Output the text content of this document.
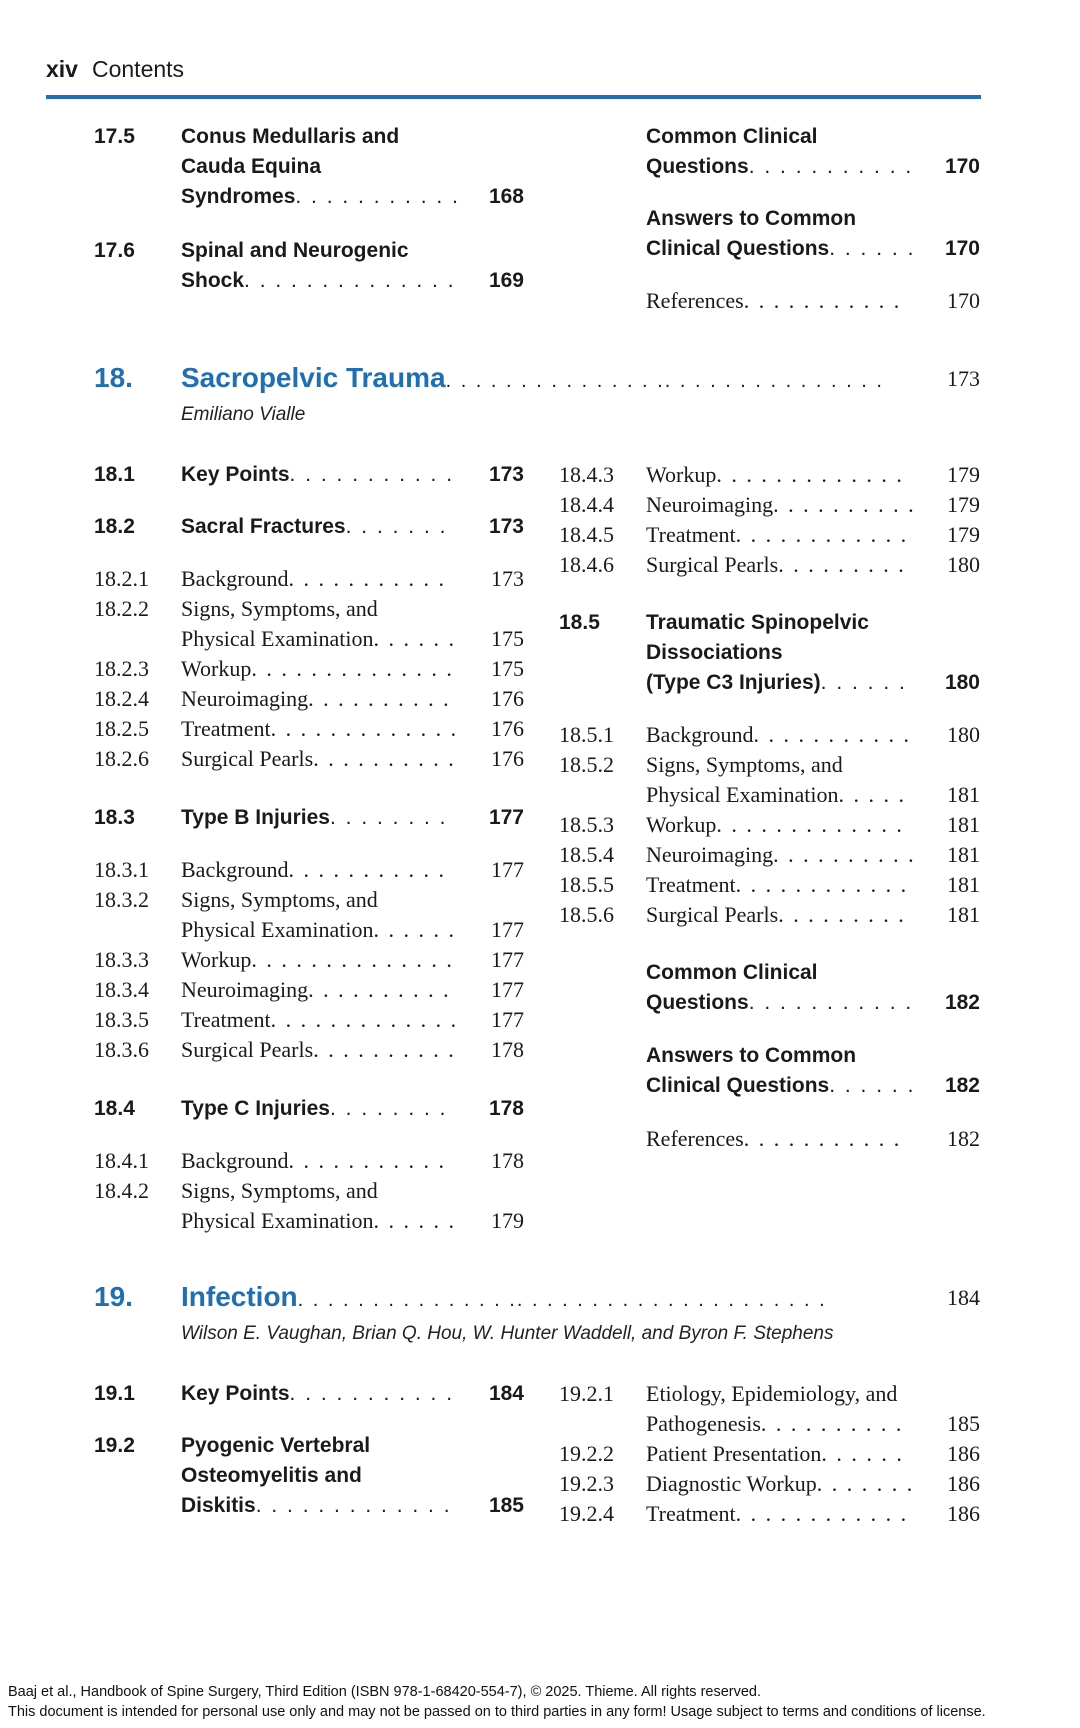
xiv Contents
17.5 Conus Medullaris and
Cauda Equina
Syndromes. . . . . . . . . . .	168
17.6 Spinal and Neurogenic
Shock. . . . . . . . . . . . . .	169
Common Clinical
Questions. . . . . . . . . . .	170
Answers to Common
Clinical Questions. . . . . .	170
References. . . . . . . . . . .	170
18. Sacropelvic Trauma. . . . . . . . . . . . . . .. . . . . . . . . . . . . . .	173
Emiliano Vialle
18.1 Key Points. . . . . . . . . . .	173
18.2 Sacral Fractures. . . . . . .	173
18.2.1 Background. . . . . . . . . . .	173
18.2.2 Signs, Symptoms, and
Physical Examination. . . . . .	175
18.2.3 Workup. . . . . . . . . . . . . .	175
18.2.4 Neuroimaging. . . . . . . . . .	176
18.2.5 Treatment. . . . . . . . . . . . .	176
18.2.6 Surgical Pearls. . . . . . . . . .	176
18.3 Type B Injuries. . . . . . . .	177
18.3.1 Background. . . . . . . . . . .	177
18.3.2 Signs, Symptoms, and
Physical Examination. . . . . .	177
18.3.3 Workup. . . . . . . . . . . . . .	177
18.3.4 Neuroimaging. . . . . . . . . .	177
18.3.5 Treatment. . . . . . . . . . . . .	177
18.3.6 Surgical Pearls. . . . . . . . . .	178
18.4 Type C Injuries. . . . . . . .	178
18.4.1 Background. . . . . . . . . . .	178
18.4.2 Signs, Symptoms, and
Physical Examination. . . . . .	179
18.4.3 Workup. . . . . . . . . . . . .	179
18.4.4 Neuroimaging. . . . . . . . . .	179
18.4.5 Treatment. . . . . . . . . . . .	179
18.4.6 Surgical Pearls. . . . . . . . .	180
18.5 Traumatic Spinopelvic
Dissociations
(Type C3 Injuries). . . . . .	180
18.5.1 Background. . . . . . . . . . .	180
18.5.2 Signs, Symptoms, and
Physical Examination. . . . .	181
18.5.3 Workup. . . . . . . . . . . . .	181
18.5.4 Neuroimaging. . . . . . . . . .	181
18.5.5 Treatment. . . . . . . . . . . .	181
18.5.6 Surgical Pearls. . . . . . . . .	181
Common Clinical
Questions. . . . . . . . . . .	182
Answers to Common
Clinical Questions. . . . . .	182
References. . . . . . . . . . .	182
19. Infection. . . . . . . . . . . . . . .. . . . . . . . . . . . . . . . . . . . .	184
Wilson E. Vaughan, Brian Q. Hou, W. Hunter Waddell, and Byron F. Stephens
19.1 Key Points. . . . . . . . . . .	184
19.2 Pyogenic Vertebral
Osteomyelitis and
Diskitis. . . . . . . . . . . . .	185
19.2.1 Etiology, Epidemiology, and
Pathogenesis. . . . . . . . . .	185
19.2.2 Patient Presentation. . . . . .	186
19.2.3 Diagnostic Workup. . . . . . .	186
19.2.4 Treatment. . . . . . . . . . . .	186
Baaj et al., Handbook of Spine Surgery, Third Edition (ISBN 978-1-68420-554-7), © 2025. Thieme. All rights reserved.
This document is intended for personal use only and may not be passed on to third parties in any form! Usage subject to terms and conditions of license.
